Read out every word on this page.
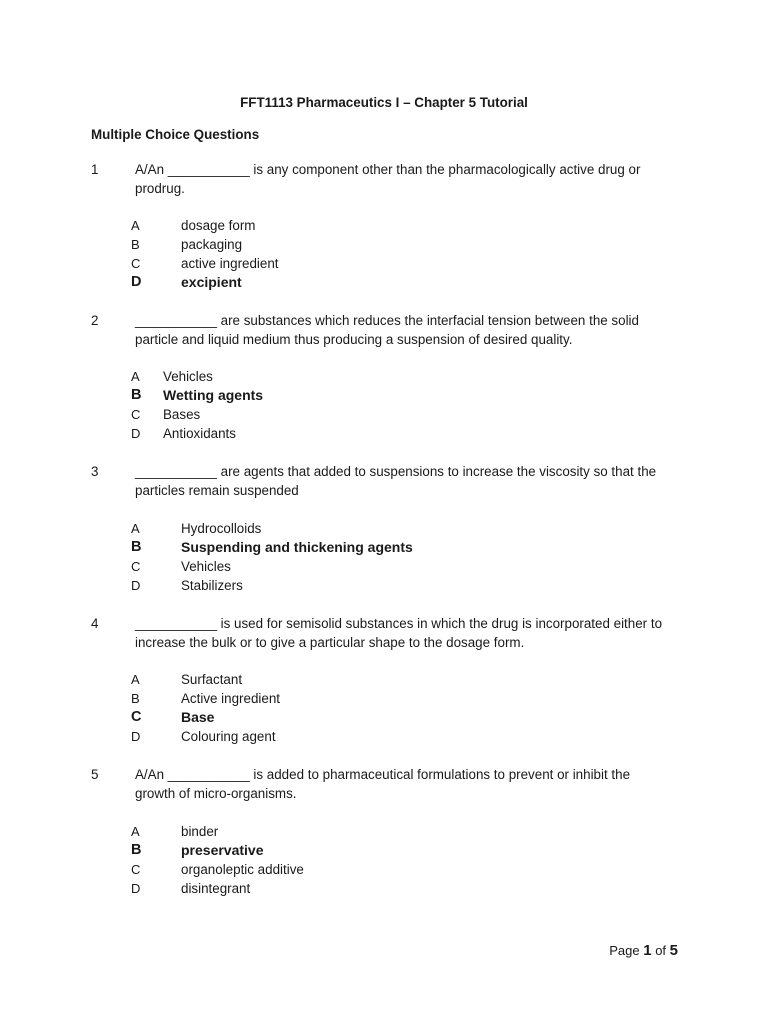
FFT1113 Pharmaceutics I – Chapter 5 Tutorial
Multiple Choice Questions
1	A/An ___________ is any component other than the pharmacologically active drug or
prodrug.
A	dosage form
B	packaging
C	active ingredient
D	excipient
2	___________ are substances which reduces the interfacial tension between the solid
particle and liquid medium thus producing a suspension of desired quality.
A Vehicles
B Wetting agents
C Bases
D Antioxidants
3	___________ are agents that added to suspensions to increase the viscosity so that the
particles remain suspended
A	Hydrocolloids
B	Suspending and thickening agents
C	Vehicles
D	Stabilizers
4	___________ is used for semisolid substances in which the drug is incorporated either to
increase the bulk or to give a particular shape to the dosage form.
A	Surfactant
B	Active ingredient
C	Base
D	Colouring agent
5	A/An ___________ is added to pharmaceutical formulations to prevent or inhibit the
growth of micro-organisms.
A	binder
B	preservative
C	organoleptic additive
D	disintegrant
Page 1 of 5
